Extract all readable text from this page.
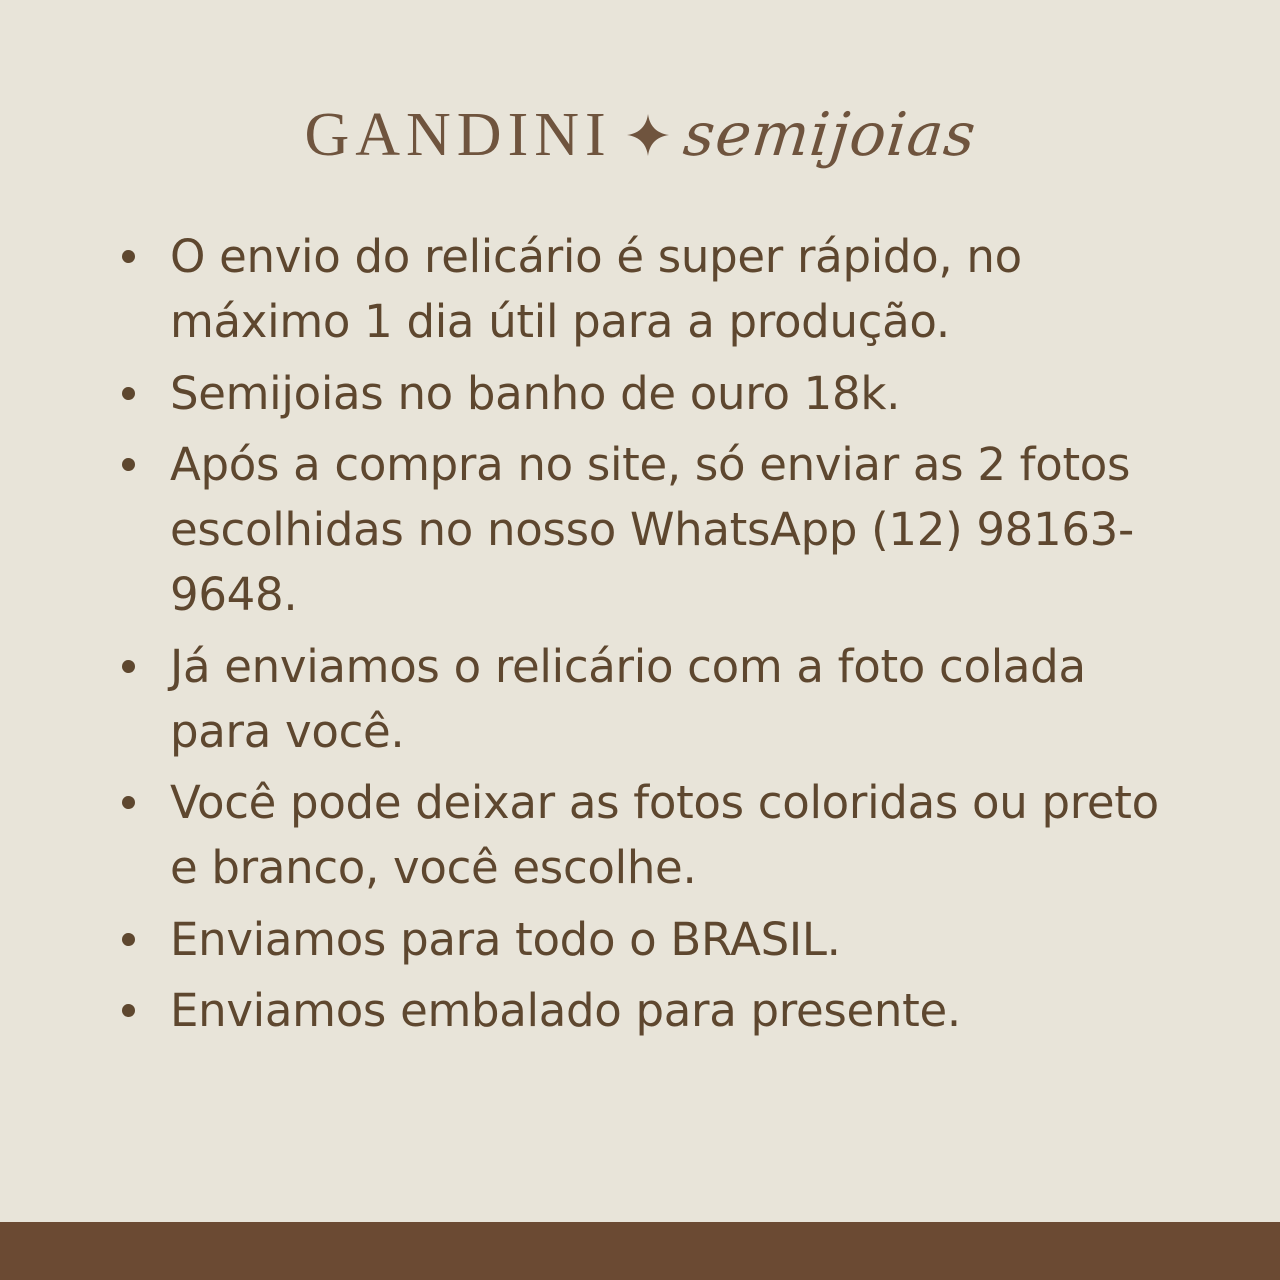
GANDINI semijoias
O envio do relicário é super rápido, no máximo 1 dia útil para a produção.
Semijoias no banho de ouro 18k.
Após a compra no site, só enviar as 2 fotos escolhidas no nosso WhatsApp (12) 98163-9648.
Já enviamos o relicário com a foto colada para você.
Você pode deixar as fotos coloridas ou preto e branco, você escolhe.
Enviamos para todo o BRASIL.
Enviamos embalado para presente.
